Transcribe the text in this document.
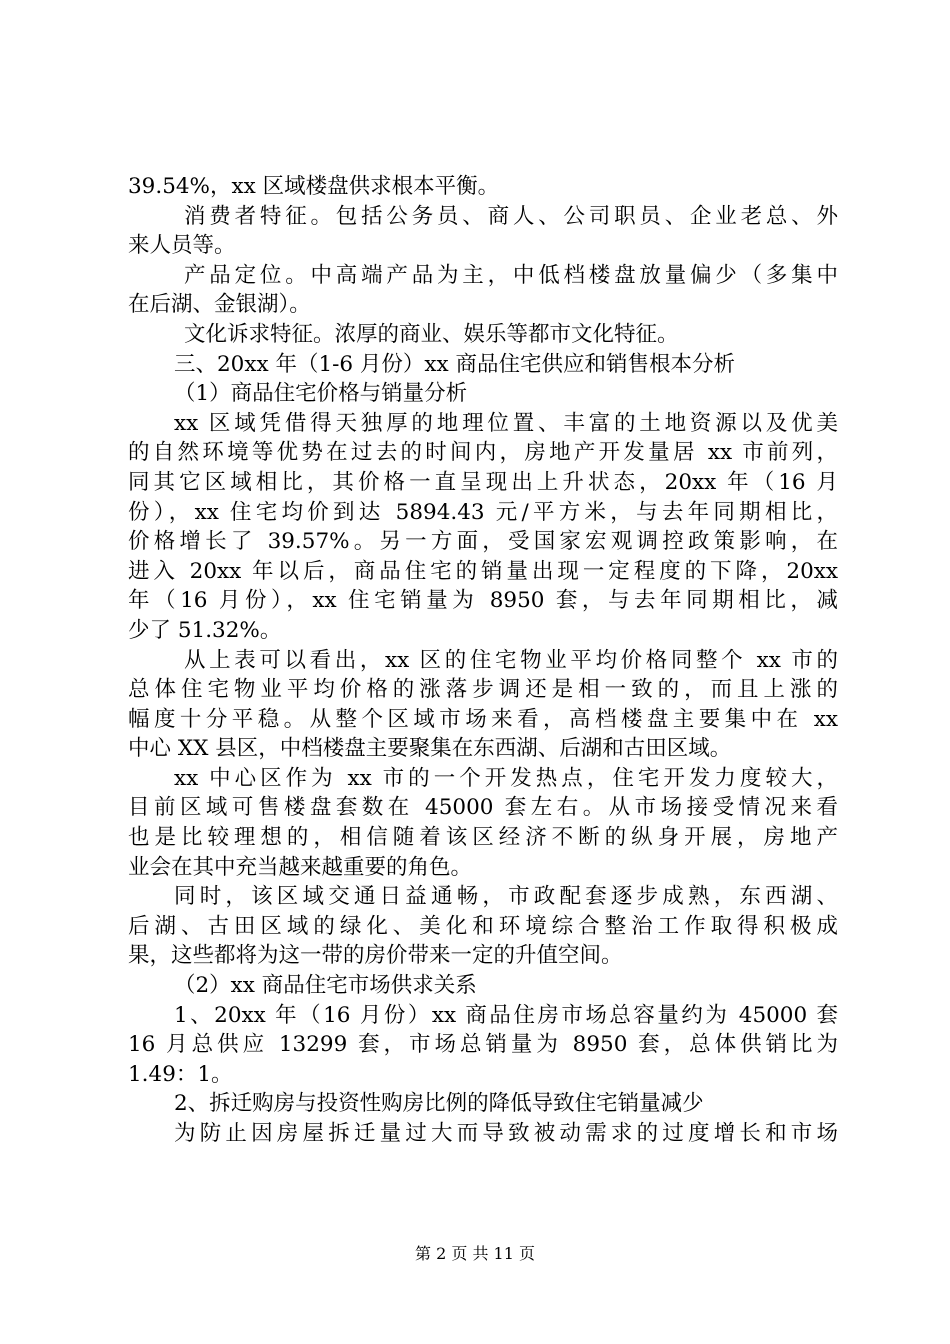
39.54%，xx 区域楼盘供求根本平衡。

消费者特征。包括公务员、商人、公司职员、企业老总、外

来人员等。

产品定位。中高端产品为主，中低档楼盘放量偏少（多集中

在后湖、金银湖）。

文化诉求特征。浓厚的商业、娱乐等都市文化特征。

三、20xx 年（1-6 月份）xx 商品住宅供应和销售根本分析

（1）商品住宅价格与销量分析

xx 区域凭借得天独厚的地理位置、丰富的土地资源以及优美

的自然环境等优势在过去的时间内，房地产开发量居 xx 市前列，

同其它区域相比，其价格一直呈现出上升状态，20xx 年（16 月

份），xx 住宅均价到达 5894.43 元/平方米，与去年同期相比，

价格增长了 39.57%。另一方面，受国家宏观调控政策影响，在

进入 20xx 年以后，商品住宅的销量出现一定程度的下降，20xx

年（16 月份），xx 住宅销量为 8950 套，与去年同期相比，减

少了 51.32%。

从上表可以看出，xx 区的住宅物业平均价格同整个 xx 市的

总体住宅物业平均价格的涨落步调还是相一致的，而且上涨的

幅度十分平稳。从整个区域市场来看，高档楼盘主要集中在 xx

中心 XX 县区，中档楼盘主要聚集在东西湖、后湖和古田区域。

xx 中心区作为 xx 市的一个开发热点，住宅开发力度较大，

目前区域可售楼盘套数在 45000 套左右。从市场接受情况来看

也是比较理想的，相信随着该区经济不断的纵身开展，房地产

业会在其中充当越来越重要的角色。

同时，该区域交通日益通畅，市政配套逐步成熟，东西湖、

后湖、古田区域的绿化、美化和环境综合整治工作取得积极成

果，这些都将为这一带的房价带来一定的升值空间。

（2）xx 商品住宅市场供求关系

1、20xx 年（16 月份）xx 商品住房市场总容量约为 45000 套

16 月总供应 13299 套，市场总销量为 8950 套，总体供销比为

1.49：1。

2、拆迁购房与投资性购房比例的降低导致住宅销量减少

为防止因房屋拆迁量过大而导致被动需求的过度增长和市场

第 2 页 共 11 页
